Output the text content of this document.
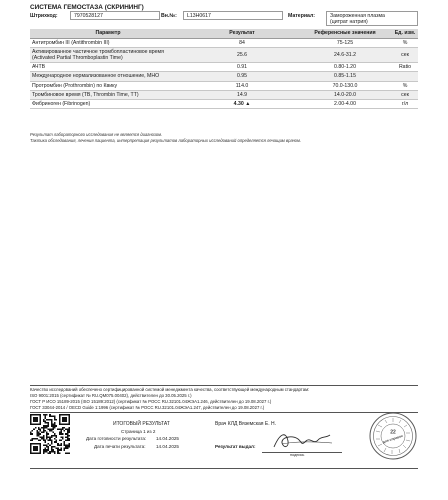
СИСТЕМА ГЕМОСТАЗА (СКРИНИНГ)
Штрихкод:	7970528127	Вн.№:	L13H0617	Материал:	Замороженная плазма
(цитрат натрия)
Параметр	Результат	Референсные значения	Ед. изм.
Антитромбин III (Antithrombin III)	84	75-125	%
Активированное частичное тромбопластиновое время (Activated Partial Thromboplastin Time)	25.6	24.6-31.2	сек
АЧТВ	0.91	0.80-1.20	Ratio
Международное нормализованное отношение, МНО	0.95	0.85-1.15	
Протромбин (Prothrombin) по Квику	114.0	70.0-130.0	%
Тромбиновое время (TB, Thrombin Time, TT)	14.9	14.0-20.0	сек
Фибриноген (Fibrinogen)	4.30 ▲	2.00-4.00	г/л
Результат лабораторного исследования не является диагнозом.
Тактика обследования, лечения пациента, интерпретация результатов лабораторных исследований определяется лечащим врачом.
Качество исследований обеспечено сертифицированной системой менеджмента качества, соответствующей международным стандартам:
ISO 9001:2015 (сертификат № RU.QM075.00402), действителен до 30.05.2025 г.)
ГОСТ Р ИСО 15189-2015 (ISO 15189:2012) (сертификат № РОСС RU.32101.04ЖЭА1.246, действителен до 19.08.2027 г.)
ГОСТ 33044-2014 / OECD Guide 1:1996 (сертификат № РОСС RU.32101.04ЖЭА1.247, действителен до 19.08.2027 г.)
ИТОГОВЫЙ РЕЗУЛЬТАТ
Страница 1 из 2
Дата готовности результата: 14.04.2025
Дата печати результата: 14.04.2025
Врач КЛД Вяземская Е. Н.
Результат выдал:
подпись
22
для справок
